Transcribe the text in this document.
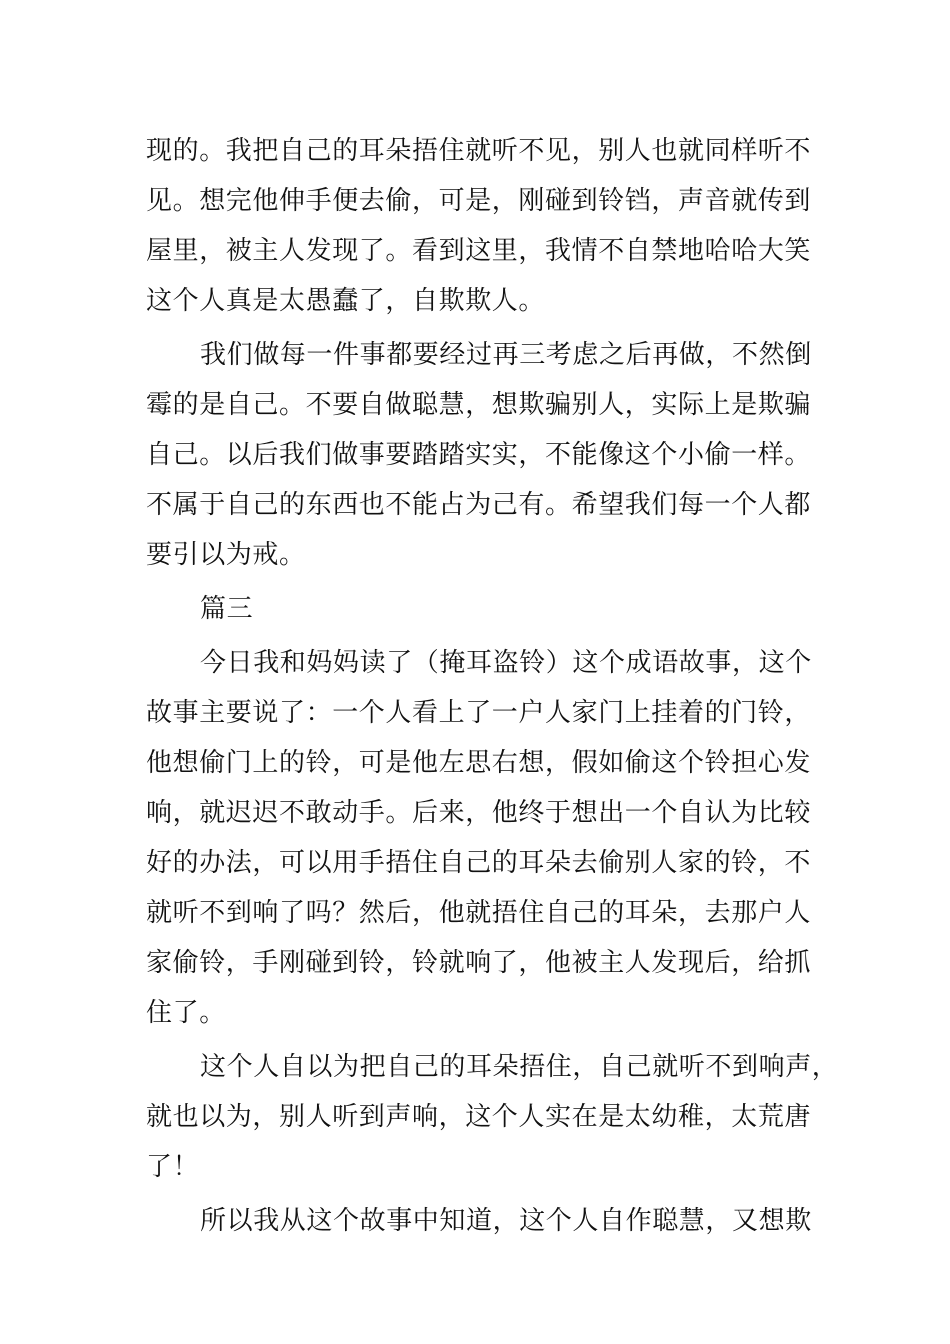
现的。我把自己的耳朵捂住就听不见，别人也就同样听不
见。想完他伸手便去偷，可是，刚碰到铃铛，声音就传到
屋里，被主人发现了。看到这里，我情不自禁地哈哈大笑
这个人真是太愚蠢了，自欺欺人。
我们做每一件事都要经过再三考虑之后再做，不然倒
霉的是自己。不要自做聪慧，想欺骗别人，实际上是欺骗
自己。以后我们做事要踏踏实实，不能像这个小偷一样。
不属于自己的东西也不能占为己有。希望我们每一个人都
要引以为戒。
篇三
今日我和妈妈读了（掩耳盗铃）这个成语故事，这个
故事主要说了：一个人看上了一户人家门上挂着的门铃，
他想偷门上的铃，可是他左思右想，假如偷这个铃担心发
响，就迟迟不敢动手。后来，他终于想出一个自认为比较
好的办法，可以用手捂住自己的耳朵去偷别人家的铃，不
就听不到响了吗？然后，他就捂住自己的耳朵，去那户人
家偷铃，手刚碰到铃，铃就响了，他被主人发现后，给抓
住了。
这个人自以为把自己的耳朵捂住，自己就听不到响声，
就也以为，别人听到声响，这个人实在是太幼稚，太荒唐
了！
所以我从这个故事中知道，这个人自作聪慧，又想欺
